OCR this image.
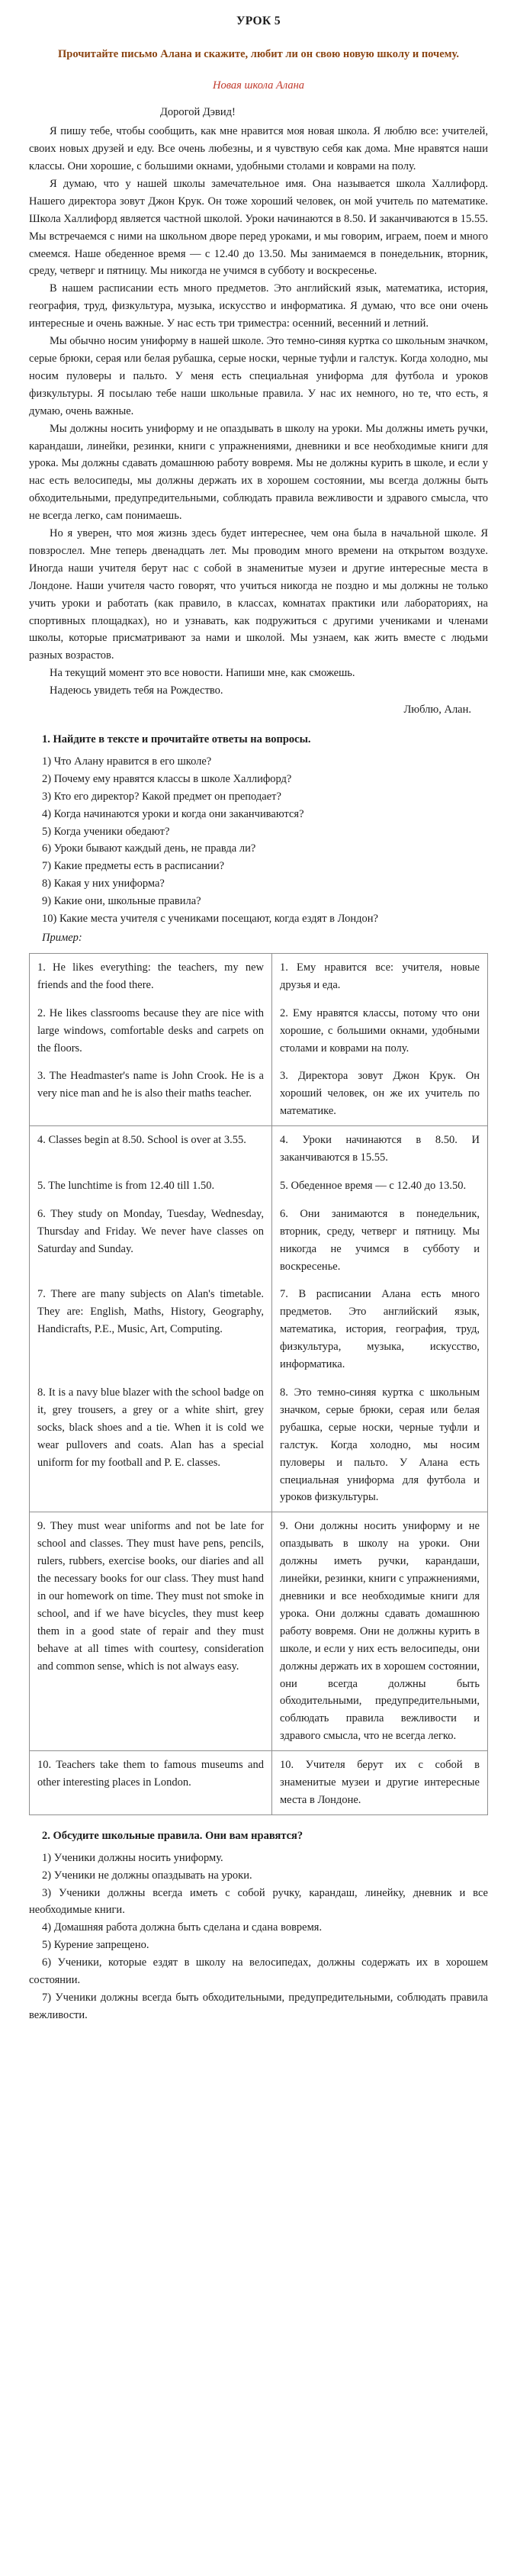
УРОК 5
Прочитайте письмо Алана и скажите, любит ли он свою новую школу и почему.
Новая школа Алана
Дорогой Дэвид!
Я пишу тебе, чтобы сообщить, как мне нравится моя новая школа. Я люблю все: учителей, своих новых друзей и еду. Все очень любезны, и я чувствую себя как дома. Мне нравятся наши классы. Они хорошие, с большими окнами, удобными столами и коврами на полу.
Я думаю, что у нашей школы замечательное имя. Она называется школа Халлифорд. Нашего директора зовут Джон Крук. Он тоже хороший человек, он мой учитель по математике. Школа Халлифорд является частной школой. Уроки начинаются в 8.50. И заканчиваются в 15.55. Мы встречаемся с ними на школьном дворе перед уроками, и мы говорим, играем, поем и много смеемся. Наше обеденное время — с 12.40 до 13.50. Мы занимаемся в понедельник, вторник, среду, четверг и пятницу. Мы никогда не учимся в субботу и воскресенье.
В нашем расписании есть много предметов. Это английский язык, математика, история, география, труд, физкультура, музыка, искусство и информатика. Я думаю, что все они очень интересные и очень важные. У нас есть три триместра: осенний, весенний и летний.
Мы обычно носим униформу в нашей школе. Это темно-синяя куртка со школьным значком, серые брюки, серая или белая рубашка, серые носки, черные туфли и галстук. Когда холодно, мы носим пуловеры и пальто. У меня есть специальная униформа для футбола и уроков физкультуры. Я посылаю тебе наши школьные правила. У нас их немного, но те, что есть, я думаю, очень важные.
Мы должны носить униформу и не опаздывать в школу на уроки. Мы должны иметь ручки, карандаши, линейки, резинки, книги с упражнениями, дневники и все необходимые книги для урока. Мы должны сдавать домашнюю работу вовремя. Мы не должны курить в школе, и если у нас есть велосипеды, мы должны держать их в хорошем состоянии, мы всегда должны быть обходительными, предупредительными, соблюдать правила вежливости и здравого смысла, что не всегда легко, сам понимаешь.
Но я уверен, что моя жизнь здесь будет интереснее, чем она была в начальной школе. Я повзрослел. Мне теперь двенадцать лет. Мы проводим много времени на открытом воздухе. Иногда наши учителя берут нас с собой в знаменитые музеи и другие интересные места в Лондоне. Наши учителя часто говорят, что учиться никогда не поздно и мы должны не только учить уроки и работать (как правило, в классах, комнатах практики или лабораториях, на спортивных площадках), но и узнавать, как подружиться с другими учениками и членами школы, которые присматривают за нами и школой. Мы узнаем, как жить вместе с людьми разных возрастов.
На текущий момент это все новости. Напиши мне, как сможешь.
Надеюсь увидеть тебя на Рождество.
Люблю, Алан.
1. Найдите в тексте и прочитайте ответы на вопросы.
1) Что Алану нравится в его школе?
2) Почему ему нравятся классы в школе Халлифорд?
3) Кто его директор? Какой предмет он преподает?
4) Когда начинаются уроки и когда они заканчиваются?
5) Когда ученики обедают?
6) Уроки бывают каждый день, не правда ли?
7) Какие предметы есть в расписании?
8) Какая у них униформа?
9) Какие они, школьные правила?
10) Какие места учителя с учениками посещают, когда ездят в Лондон?
Пример:
1. He likes everything: the teachers, my new friends and the food there.
1. Ему нравится все: учителя, новые друзья и еда.
2. He likes classrooms because they are nice with large windows, comfortable desks and carpets on the floors.
2. Ему нравятся классы, потому что они хорошие, с большими окнами, удобными столами и коврами на полу.
3. The Headmaster's name is John Crook. He is a very nice man and he is also their maths teacher.
3. Директора зовут Джон Крук. Он хороший человек, он же их учитель по математике.
4. Classes begin at 8.50. School is over at 3.55.	4. Уроки начинаются в 8.50. И заканчиваются в 15.55.
5. The lunchtime is from 12.40 till 1.50.	5. Обеденное время — с 12.40 до 13.50.
6. They study on Monday, Tuesday, Wednesday, Thursday and Friday. We never have classes on Saturday and Sunday.
6. Они занимаются в понедельник, вторник, среду, четверг и пятницу. Мы никогда не учимся в субботу и воскресенье.
7. There are many subjects on Alan's timetable. They are: English, Maths, History, Geography, Handicrafts, P.E., Music, Art, Computing.
7. В расписании Алана есть много предметов. Это английский язык, математика, история, география, труд, физкультура, музыка, искусство, информатика.
8. It is a navy blue blazer with the school badge on it, grey trousers, a grey or a white shirt, grey socks, black shoes and a tie. When it is cold we wear pullovers and coats. Alan has a special uniform for my football and P. E. classes.
8. Это темно-синяя куртка с школьным значком, серые брюки, серая или белая рубашка, серые носки, черные туфли и галстук. Когда холодно, мы носим пуловеры и пальто. У Алана есть специальная униформа для футбола и уроков физкультуры.
9. They must wear uniforms and not be late for school and classes. They must have pens, pencils, rulers, rubbers, exercise books, our diaries and all the necessary books for our class. They must hand in our homework on time. They must not smoke in school, and if we have bicycles, they must keep them in a good state of repair and they must behave at all times with courtesy, consideration and common sense, which is not always easy.
9. Они должны носить униформу и не опаздывать в школу на уроки. Они должны иметь ручки, карандаши, линейки, резинки, книги с упражнениями, дневники и все необходимые книги для урока. Они должны сдавать домашнюю работу вовремя. Они не должны курить в школе, и если у них есть велосипеды, они должны держать их в хорошем состоянии, они всегда должны быть обходительными, предупредительными, соблюдать правила вежливости и здравого смысла, что не всегда легко.
10. Teachers take them to famous museums and other interesting places in London.
10. Учителя берут их с собой в знаменитые музеи и другие интересные места в Лондоне.
2. Обсудите школьные правила. Они вам нравятся?
1) Ученики должны носить униформу.
2) Ученики не должны опаздывать на уроки.
3) Ученики должны всегда иметь с собой ручку, карандаш, линейку, дневник и все необходимые книги.
4) Домашняя работа должна быть сделана и сдана вовремя.
5) Курение запрещено.
6) Ученики, которые ездят в школу на велосипедах, должны содержать их в хорошем состоянии.
7) Ученики должны всегда быть обходительными, предупредительными, соблюдать правила вежливости.
